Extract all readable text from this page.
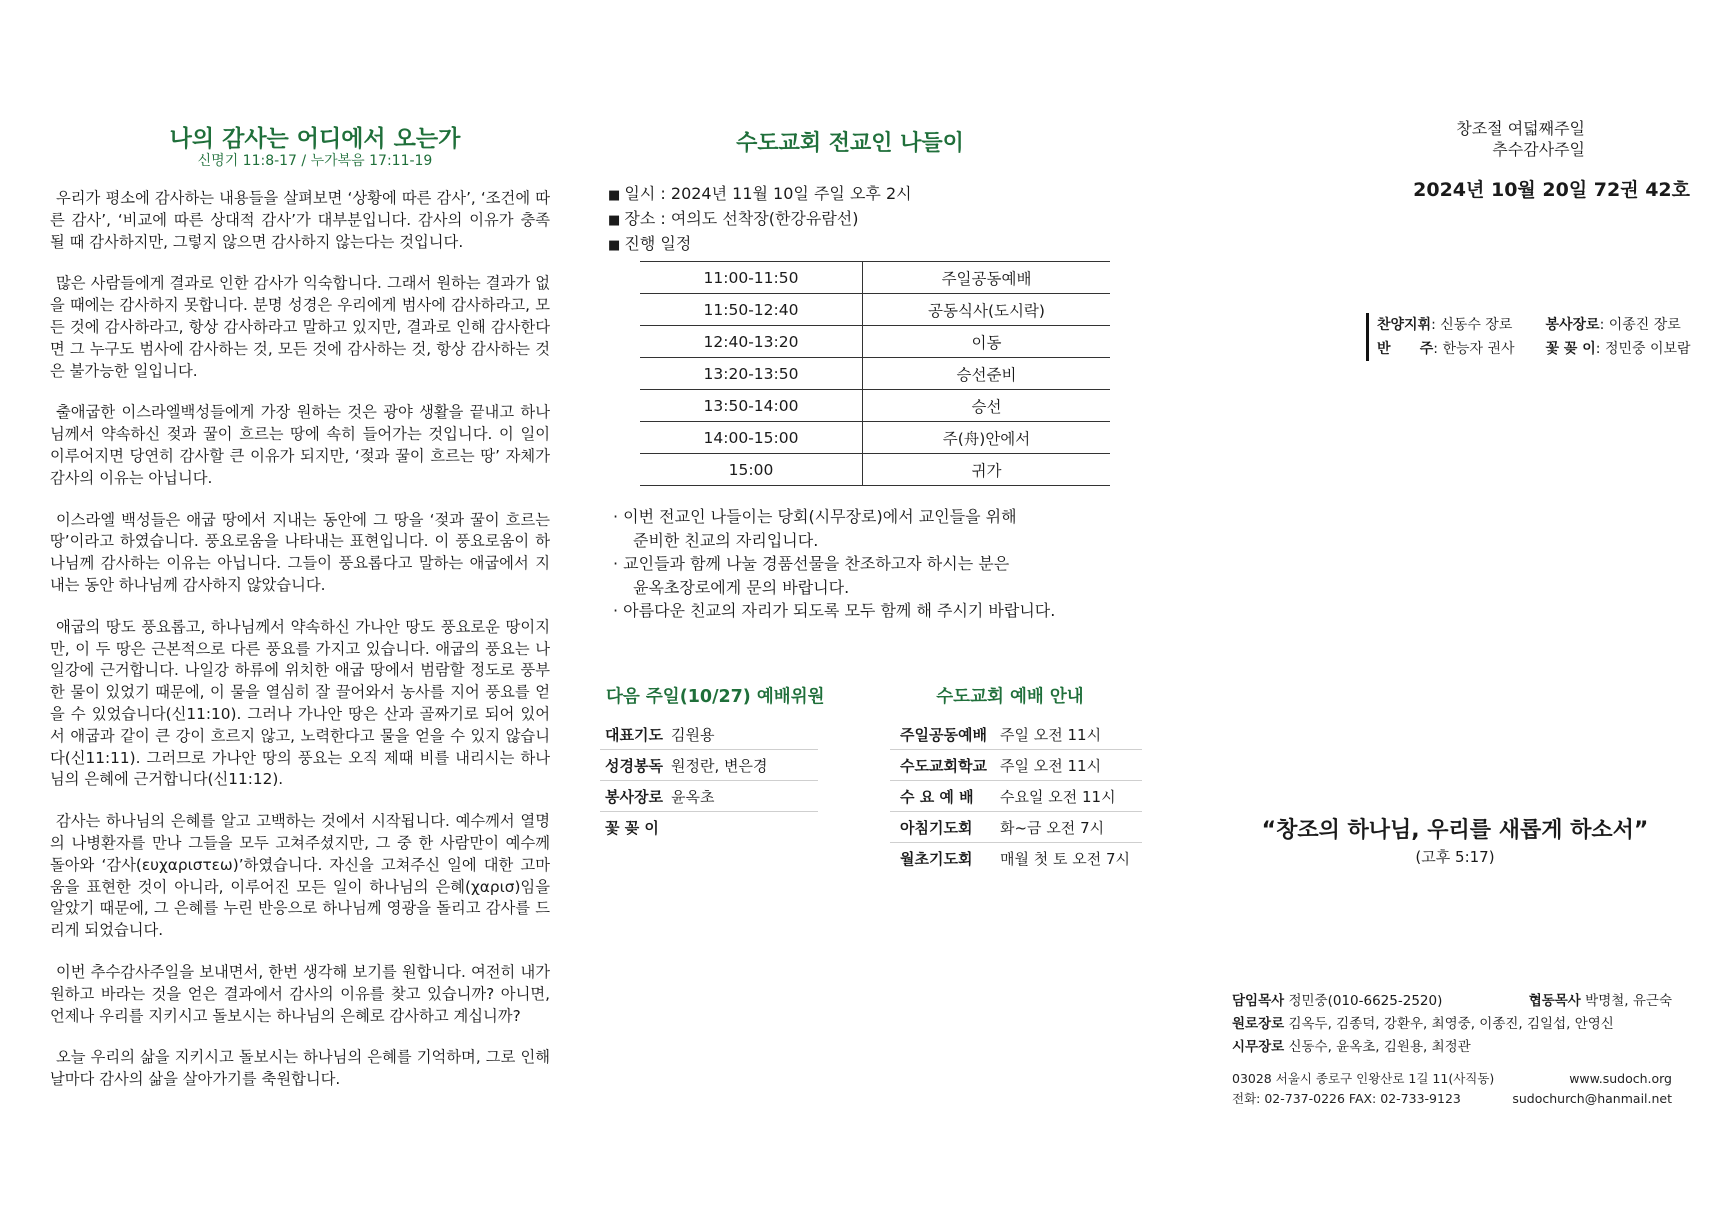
나의 감사는 어디에서 오는가
신명기 11:8-17 / 누가복음 17:11-19

우리가 평소에 감사하는 내용들을 살펴보면 ‘상황에 따른 감사’, ‘조건에 따른 감사’, ‘비교에 따른 상대적 감사’가 대부분입니다. 감사의 이유가 충족 될 때 감사하지만, 그렇지 않으면 감사하지 않는다는 것입니다.

많은 사람들에게 결과로 인한 감사가 익숙합니다. 그래서 원하는 결과가 없을 때에는 감사하지 못합니다. 분명 성경은 우리에게 범사에 감사하라고, 모든 것에 감사하라고, 항상 감사하라고 말하고 있지만, 결과로 인해 감사한다면 그 누구도 범사에 감사하는 것, 모든 것에 감사하는 것, 항상 감사하는 것은 불가능한 일입니다.

출애굽한 이스라엘백성들에게 가장 원하는 것은 광야 생활을 끝내고 하나님께서 약속하신 젖과 꿀이 흐르는 땅에 속히 들어가는 것입니다. 이 일이 이루어지면 당연히 감사할 큰 이유가 되지만, ‘젖과 꿀이 흐르는 땅’ 자체가 감사의 이유는 아닙니다.

이스라엘 백성들은 애굽 땅에서 지내는 동안에 그 땅을 ‘젖과 꿀이 흐르는 땅’이라고 하였습니다. 풍요로움을 나타내는 표현입니다. 이 풍요로움이 하나님께 감사하는 이유는 아닙니다. 그들이 풍요롭다고 말하는 애굽에서 지내는 동안 하나님께 감사하지 않았습니다.

애굽의 땅도 풍요롭고, 하나님께서 약속하신 가나안 땅도 풍요로운 땅이지만, 이 두 땅은 근본적으로 다른 풍요를 가지고 있습니다. 애굽의 풍요는 나일강에 근거합니다. 나일강 하류에 위치한 애굽 땅에서 범람할 정도로 풍부한 물이 있었기 때문에, 이 물을 열심히 잘 끌어와서 농사를 지어 풍요를 얻을 수 있었습니다(신11:10). 그러나 가나안 땅은 산과 골짜기로 되어 있어서 애굽과 같이 큰 강이 흐르지 않고, 노력한다고 물을 얻을 수 있지 않습니다(신11:11). 그러므로 가나안 땅의 풍요는 오직 제때 비를 내리시는 하나님의 은혜에 근거합니다(신11:12).

감사는 하나님의 은혜를 알고 고백하는 것에서 시작됩니다. 예수께서 열명의 나병환자를 만나 그들을 모두 고쳐주셨지만, 그 중 한 사람만이 예수께 돌아와 ‘감사(ευχαριστεω)’하였습니다. 자신을 고쳐주신 일에 대한 고마움을 표현한 것이 아니라, 이루어진 모든 일이 하나님의 은혜(χαρισ)임을 알았기 때문에, 그 은혜를 누린 반응으로 하나님께 영광을 돌리고 감사를 드리게 되었습니다.

이번 추수감사주일을 보내면서, 한번 생각해 보기를 원합니다. 여전히 내가 원하고 바라는 것을 얻은 결과에서 감사의 이유를 찾고 있습니까? 아니면, 언제나 우리를 지키시고 돌보시는 하나님의 은혜로 감사하고 계십니까?

오늘 우리의 삶을 지키시고 돌보시는 하나님의 은혜를 기억하며, 그로 인해 날마다 감사의 삶을 살아가기를 축원합니다.

수도교회 전교인 나들이
■ 일시 : 2024년 11월 10일 주일 오후 2시
■ 장소 : 여의도 선착장(한강유람선)
■ 진행 일정
11:00-11:50	주일공동예배
11:50-12:40	공동식사(도시락)
12:40-13:20	이동
13:20-13:50	승선준비
13:50-14:00	승선
14:00-15:00	주(舟)안에서
15:00	귀가
· 이번 전교인 나들이는 당회(시무장로)에서 교인들을 위해
준비한 친교의 자리입니다.
· 교인들과 함께 나눌 경품선물을 찬조하고자 하시는 분은
윤옥초장로에게 문의 바랍니다.
· 아름다운 친교의 자리가 되도록 모두 함께 해 주시기 바랍니다.
다음 주일(10/27) 예배위원
대표기도	김원용
성경봉독	원정란, 변은경
봉사장로	윤옥초
꽃 꽂 이	
수도교회 예배 안내
주일공동예배	주일 오전 11시
수도교회학교	주일 오전 11시
수 요 예 배	수요일 오전 11시
아침기도회	화~금 오전 7시
월초기도회	매월 첫 토 오전 7시
창조절 여덟째주일
추수감사주일
2024년 10월 20일 72권 42호
찬양지휘: 신동수 장로 봉사장로: 이종진 장로
반      주: 한능자 권사 꽃 꽂 이: 정민중 이보람
“창조의 하나님, 우리를 새롭게 하소서”
(고후 5:17)
담임목사 정민중(010-6625-2520)	협동목사 박명철, 유근숙
원로장로 김옥두, 김종덕, 강환우, 최영중, 이종진, 김일섭, 안영신
시무장로 신동수, 윤옥초, 김원용, 최정관
03028 서울시 종로구 인왕산로 1길 11(사직동)	www.sudoch.org
전화: 02-737-0226 FAX: 02-733-9123	sudochurch@hanmail.net
